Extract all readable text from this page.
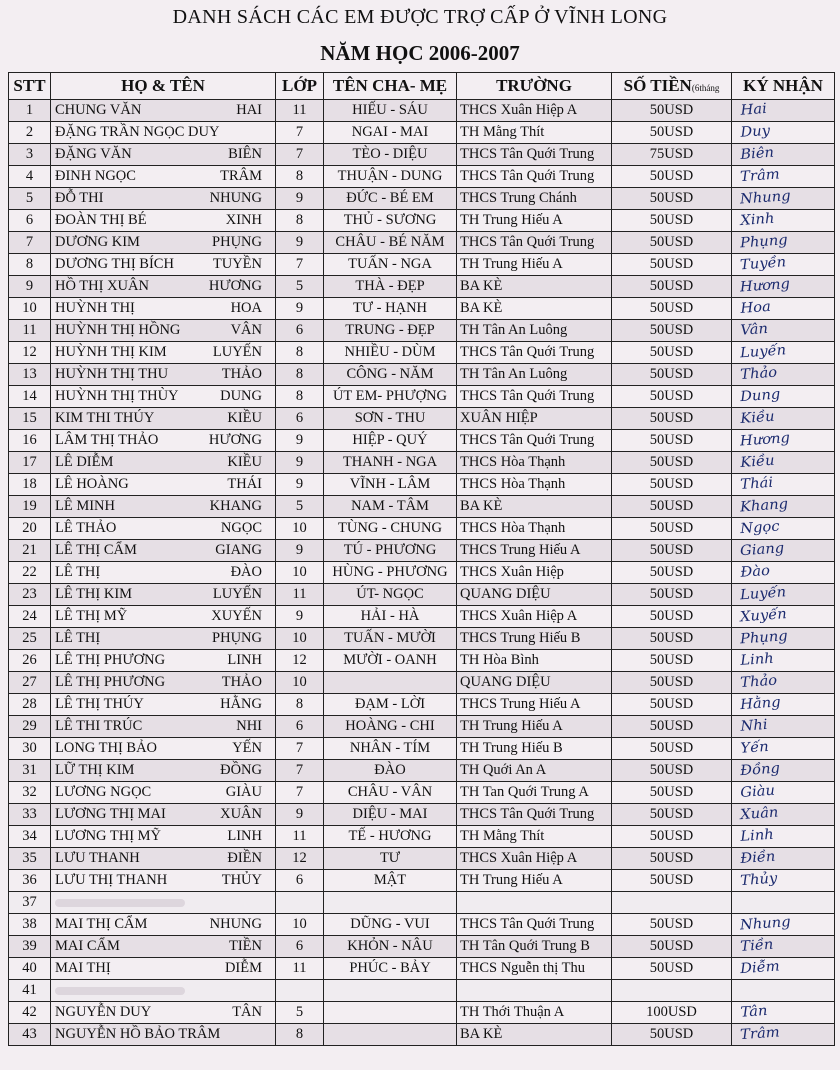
DANH SÁCH CÁC EM ĐƯỢC TRỢ CẤP Ở VĨNH LONG
NĂM HỌC 2006-2007
STT	HỌ & TÊN	LỚP	TÊN CHA- MẸ	TRƯỜNG	SỐ TIỀN(6tháng	KÝ NHẬN
1	CHUNG VĂN HAI	11	HIẾU - SÁU	THCS Xuân Hiệp A	50USD	Hai
2	ĐẶNG TRẦN NGỌC DUY	7	NGAI - MAI	TH Mằng Thít	50USD	Duy
3	ĐẶNG VĂN BIÊN	7	TÈO - DIỆU	THCS Tân Quới Trung	75USD	Biên
4	ĐINH NGỌC TRÂM	8	THUẬN - DUNG	THCS Tân Quới Trung	50USD	Trâm
5	ĐỖ THI NHUNG	9	ĐỨC - BÉ EM	THCS Trung Chánh	50USD	Nhung
6	ĐOÀN THỊ BÉ XINH	8	THỦ - SƯƠNG	TH Trung Hiếu A	50USD	Xinh
7	DƯƠNG KIM PHỤNG	9	CHÂU - BÉ NĂM	THCS Tân Quới Trung	50USD	Phụng
8	DƯƠNG THỊ BÍCH TUYỀN	7	TUẤN - NGA	TH Trung Hiếu A	50USD	Tuyền
9	HỒ THỊ XUÂN HƯƠNG	5	THÀ - ĐẸP	BA KÈ	50USD	Hương
10	HUỲNH THỊ HOA	9	TƯ - HẠNH	BA KÈ	50USD	Hoa
11	HUỲNH THỊ HỒNG VÂN	6	TRUNG - ĐẸP	TH Tân An Luông	50USD	Vân
12	HUỲNH THỊ KIM LUYẾN	8	NHIỀU - DÙM	THCS Tân Quới Trung	50USD	Luyến
13	HUỲNH THỊ THU THẢO	8	CÔNG - NĂM	TH Tân An Luông	50USD	Thảo
14	HUỲNH THỊ THÙY DUNG	8	ÚT EM- PHƯỢNG	THCS Tân Quới Trung	50USD	Dung
15	KIM THI THÚY KIỀU	6	SƠN - THU	XUÂN HIỆP	50USD	Kiều
16	LÂM THỊ THẢO HƯƠNG	9	HIỆP - QUÝ	THCS Tân Quới Trung	50USD	Hương
17	LÊ DIỄM KIỀU	9	THANH - NGA	THCS Hòa Thạnh	50USD	Kiều
18	LÊ HOÀNG THÁI	9	VĨNH - LÂM	THCS Hòa Thạnh	50USD	Thái
19	LÊ MINH KHANG	5	NAM - TÂM	BA KÈ	50USD	Khang
20	LÊ THẢO NGỌC	10	TÙNG - CHUNG	THCS Hòa Thạnh	50USD	Ngọc
21	LÊ THỊ CẨM GIANG	9	TÚ - PHƯƠNG	THCS Trung Hiếu A	50USD	Giang
22	LÊ THỊ ĐÀO	10	HÙNG - PHƯƠNG	THCS Xuân Hiệp	50USD	Đào
23	LÊ THỊ KIM LUYẾN	11	ÚT- NGỌC	QUANG DIỆU	50USD	Luyến
24	LÊ THỊ MỸ XUYẾN	9	HẢI - HÀ	THCS Xuân Hiệp A	50USD	Xuyến
25	LÊ THỊ PHỤNG	10	TUẤN - MƯỜI	THCS Trung Hiếu B	50USD	Phụng
26	LÊ THỊ PHƯƠNG LINH	12	MƯỜI - OANH	TH Hòa Bình	50USD	Linh
27	LÊ THỊ PHƯƠNG THẢO	10		QUANG DIỆU	50USD	Thảo
28	LÊ THỊ THÚY HẰNG	8	ĐẠM - LỜI	THCS Trung Hiếu A	50USD	Hằng
29	LÊ THI TRÚC NHI	6	HOÀNG - CHI	TH Trung Hiếu A	50USD	Nhi
30	LONG THỊ BẢO YẾN	7	NHÂN - TÍM	TH Trung Hiếu B	50USD	Yến
31	LỮ THỊ KIM ĐỒNG	7	ĐÀO	TH Quới An A	50USD	Đồng
32	LƯƠNG NGỌC GIÀU	7	CHÂU - VÂN	TH Tan Quới Trung A	50USD	Giàu
33	LƯƠNG THỊ MAI XUÂN	9	DIỆU - MAI	THCS Tân Quới Trung	50USD	Xuân
34	LƯƠNG THỊ MỸ LINH	11	TẾ - HƯƠNG	TH Mằng Thít	50USD	Linh
35	LƯU THANH ĐIỀN	12	TƯ	THCS Xuân Hiệp A	50USD	Điền
36	LƯU THỊ THANH THỦY	6	MẬT	TH Trung Hiếu A	50USD	Thủy
37						
38	MAI THỊ CẨM NHUNG	10	DŨNG - VUI	THCS Tân Quới Trung	50USD	Nhung
39	MAI CẨM TIỀN	6	KHỎN - NÂU	TH Tân Quới Trung B	50USD	Tiền
40	MAI THỊ DIỄM	11	PHÚC - BẢY	THCS Nguễn thị Thu	50USD	Diễm
41						
42	NGUYỄN DUY TÂN	5		TH Thới Thuận A	100USD	Tân
43	NGUYỄN HỒ BẢO TRÂM	8		BA KÈ	50USD	Trâm
